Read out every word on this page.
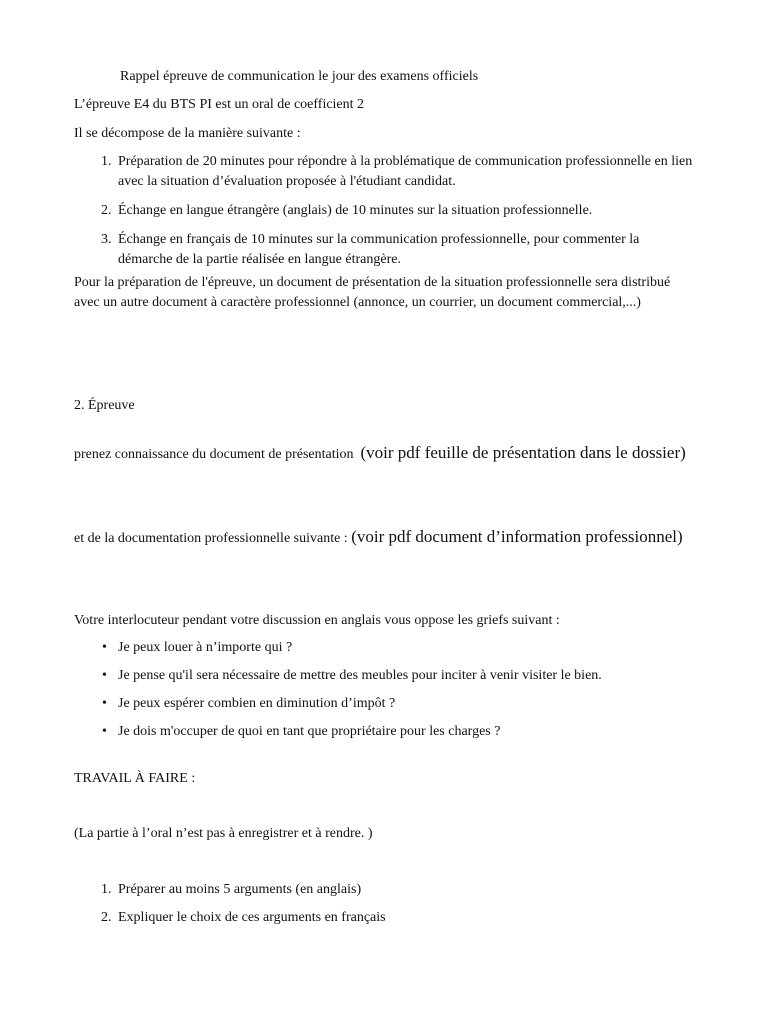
Rappel épreuve de communication le jour des examens officiels

L’épreuve E4 du BTS PI est un oral de coefficient 2

Il se décompose de la manière suivante :

1. Préparation de 20 minutes pour répondre à la problématique de communication professionnelle en lien avec la situation d’évaluation proposée à l'étudiant candidat.
2. Échange en langue étrangère (anglais) de 10 minutes sur la situation professionnelle.
3. Échange en français de 10 minutes sur la communication professionnelle, pour commenter la démarche de la partie réalisée en langue étrangère.

Pour la préparation de l'épreuve, un document de présentation de la situation professionnelle sera distribué avec un autre document à caractère professionnel (annonce, un courrier, un document commercial,...)

2. Épreuve

prenez connaissance du document de présentation (voir pdf feuille de présentation dans le dossier)

et de la documentation professionnelle suivante : (voir pdf document d’information professionnel)

Votre interlocuteur pendant votre discussion en anglais vous oppose les griefs suivant :

• Je peux louer à n’importe qui ?
• Je pense qu'il sera nécessaire de mettre des meubles pour inciter à venir visiter le bien.
• Je peux espérer combien en diminution d’impôt ?
• Je dois m'occuper de quoi en tant que propriétaire pour les charges ?

TRAVAIL À FAIRE :

(La partie à l’oral n’est pas à enregistrer et à rendre. )

1. Préparer au moins 5 arguments (en anglais)
2. Expliquer le choix de ces arguments en français
